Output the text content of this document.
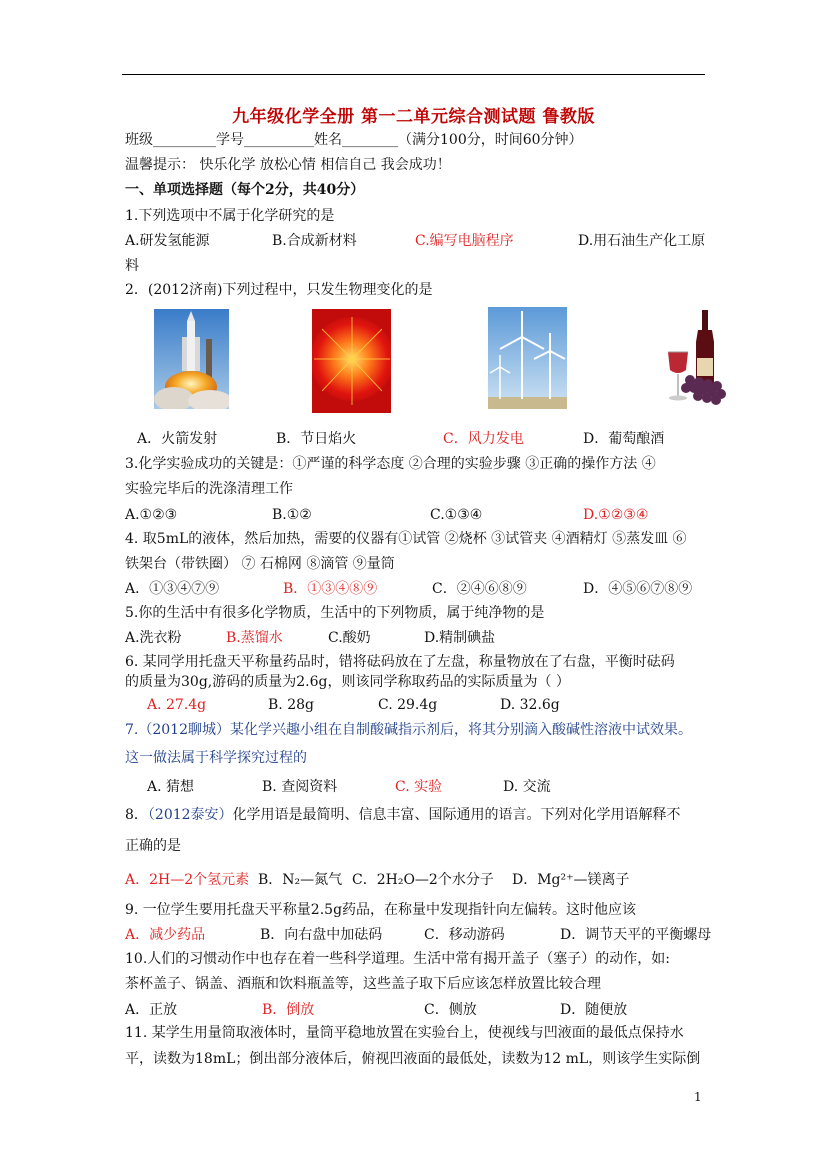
九年级化学全册 第一二单元综合测试题 鲁教版
班级_________学号__________姓名________（满分100分，时间60分钟）
温馨提示： 快乐化学 放松心情 相信自己 我会成功！
一、单项选择题（每个2分，共40分）
1.下列选项中不属于化学研究的是
A.研发氢能源	B.合成新材料	C.编写电脑程序	D.用石油生产化工原
料
2．(2012济南)下列过程中，只发生物理变化的是
A．火箭发射	B．节日焰火	C．风力发电	D．葡萄酿酒
3.化学实验成功的关键是：①严谨的科学态度 ②合理的实验步骤 ③正确的操作方法 ④
实验完毕后的洗涤清理工作
A.①②③	B.①②	C.①③④	D.①②③④
4. 取5mL的液体，然后加热，需要的仪器有①试管 ②烧杯 ③试管夹 ④酒精灯 ⑤蒸发皿 ⑥
铁架台（带铁圈） ⑦ 石棉网 ⑧滴管 ⑨量筒
A．①③④⑦⑨	B．①③④⑧⑨	C．②④⑥⑧⑨	D．④⑤⑥⑦⑧⑨
5.你的生活中有很多化学物质，生活中的下列物质，属于纯净物的是
A.洗衣粉	B.蒸馏水	C.酸奶	D.精制碘盐
6. 某同学用托盘天平称量药品时，错将砝码放在了左盘，称量物放在了右盘，平衡时砝码
的质量为30g,游码的质量为2.6g，则该同学称取药品的实际质量为（ ）
A. 27.4g	B. 28g	C. 29.4g	D. 32.6g
7.（2012聊城）某化学兴趣小组在自制酸碱指示剂后，将其分别滴入酸碱性溶液中试效果。
这一做法属于科学探究过程的
A. 猜想	B. 查阅资料	C. 实验	D. 交流
8．（2012泰安）化学用语是最简明、信息丰富、国际通用的语言。下列对化学用语解释不
正确的是
A．2H—2个氢元素 B．N₂—氮气 C．2H₂O—2个水分子 D．Mg²⁺—镁离子
9. 一位学生要用托盘天平称量2.5g药品，在称量中发现指针向左偏转。这时他应该
A．减少药品	B．向右盘中加砝码	C．移动游码	D．调节天平的平衡螺母
10.人们的习惯动作中也存在着一些科学道理。生活中常有揭开盖子（塞子）的动作，如:
茶杯盖子、锅盖、酒瓶和饮料瓶盖等，这些盖子取下后应该怎样放置比较合理
A．正放	B．倒放	C．侧放	D．随便放
11. 某学生用量筒取液体时，量筒平稳地放置在实验台上，使视线与凹液面的最低点保持水
平，读数为18mL；倒出部分液体后，俯视凹液面的最低处，读数为12 mL，则该学生实际倒
1
